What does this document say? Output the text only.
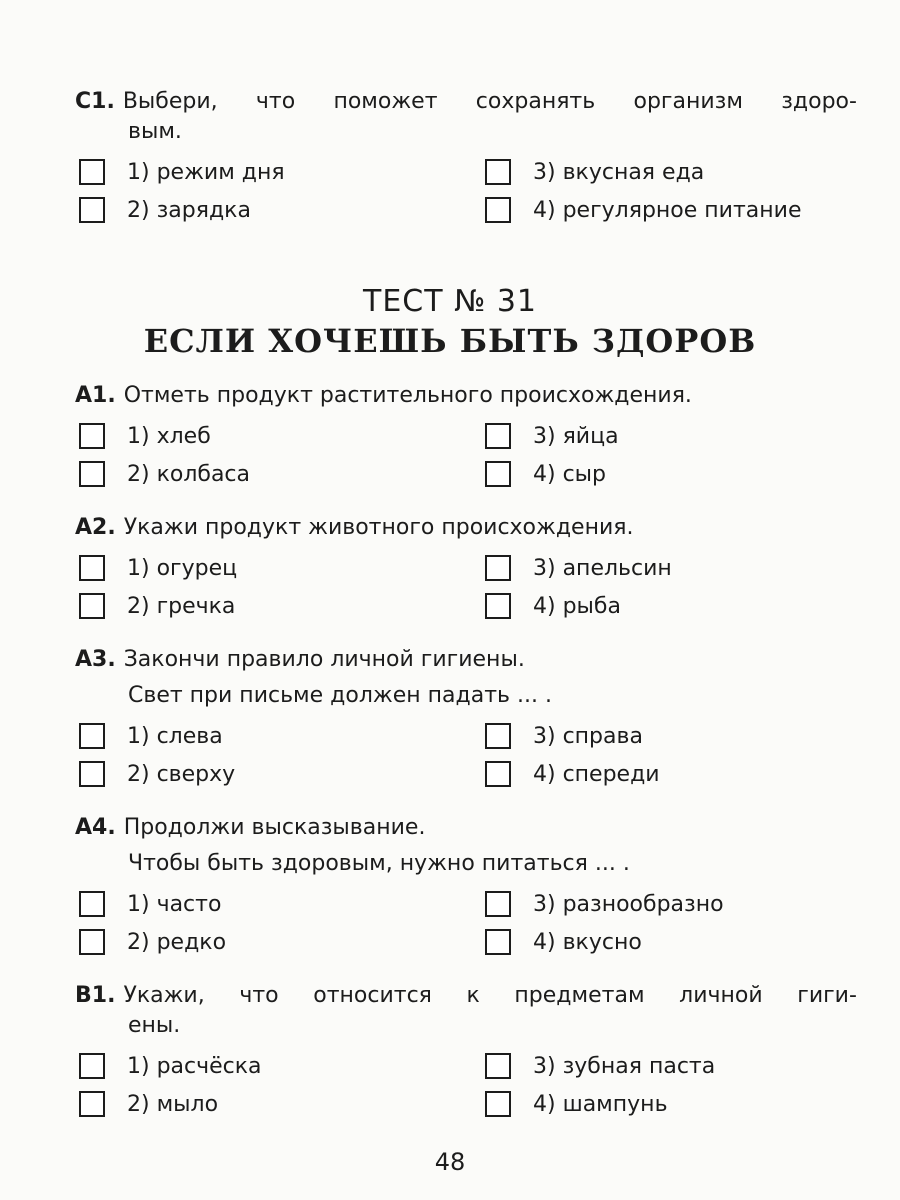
С1. Выбери, что поможет сохранять организм здоро-
вым.
1) режим дня
2) зарядка
3) вкусная еда
4) регулярное питание
ТЕСТ № 31
ЕСЛИ ХОЧЕШЬ БЫТЬ ЗДОРОВ
А1. Отметь продукт растительного происхождения.
1) хлеб
2) колбаса
3) яйца
4) сыр
А2. Укажи продукт животного происхождения.
1) огурец
2) гречка
3) апельсин
4) рыба
А3. Закончи правило личной гигиены.
Свет при письме должен падать ... .
1) слева
2) сверху
3) справа
4) спереди
А4. Продолжи высказывание.
Чтобы быть здоровым, нужно питаться ... .
1) часто
2) редко
3) разнообразно
4) вкусно
В1. Укажи, что относится к предметам личной гиги-
ены.
1) расчёска
2) мыло
3) зубная паста
4) шампунь
48
